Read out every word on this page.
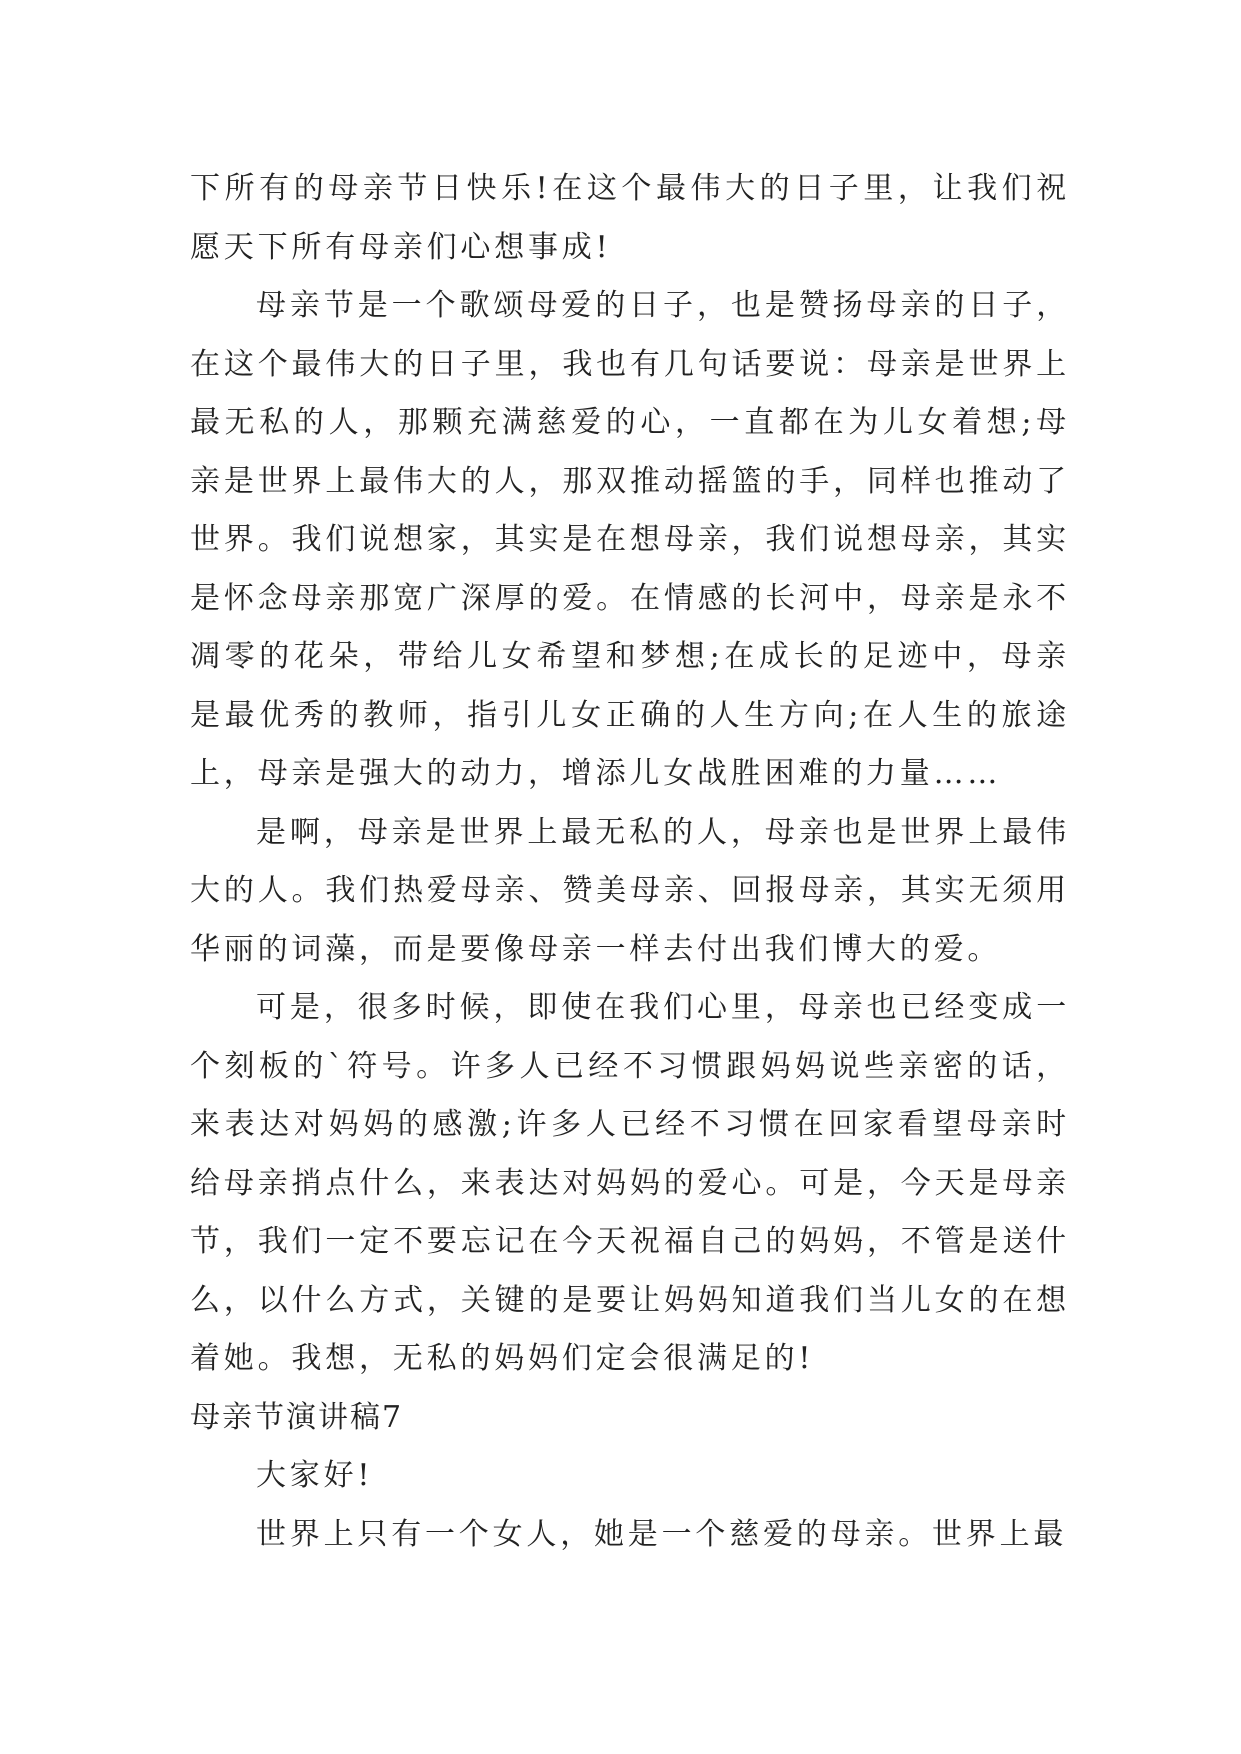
下所有的母亲节日快乐!在这个最伟大的日子里，让我们祝愿天下所有母亲们心想事成!

母亲节是一个歌颂母爱的日子，也是赞扬母亲的日子，在这个最伟大的日子里，我也有几句话要说：母亲是世界上最无私的人，那颗充满慈爱的心，一直都在为儿女着想;母亲是世界上最伟大的人，那双推动摇篮的手，同样也推动了世界。我们说想家，其实是在想母亲，我们说想母亲，其实是怀念母亲那宽广深厚的爱。在情感的长河中，母亲是永不凋零的花朵，带给儿女希望和梦想;在成长的足迹中，母亲是最优秀的教师，指引儿女正确的人生方向;在人生的旅途上，母亲是强大的动力，增添儿女战胜困难的力量……

是啊，母亲是世界上最无私的人，母亲也是世界上最伟大的人。我们热爱母亲、赞美母亲、回报母亲，其实无须用华丽的词藻，而是要像母亲一样去付出我们博大的爱。

可是，很多时候，即使在我们心里，母亲也已经变成一个刻板的`符号。许多人已经不习惯跟妈妈说些亲密的话，来表达对妈妈的感激;许多人已经不习惯在回家看望母亲时给母亲捎点什么，来表达对妈妈的爱心。可是，今天是母亲节，我们一定不要忘记在今天祝福自己的妈妈，不管是送什么，以什么方式，关键的是要让妈妈知道我们当儿女的在想着她。我想，无私的妈妈们定会很满足的!

母亲节演讲稿7

大家好!

世界上只有一个女人，她是一个慈爱的母亲。世界上最
